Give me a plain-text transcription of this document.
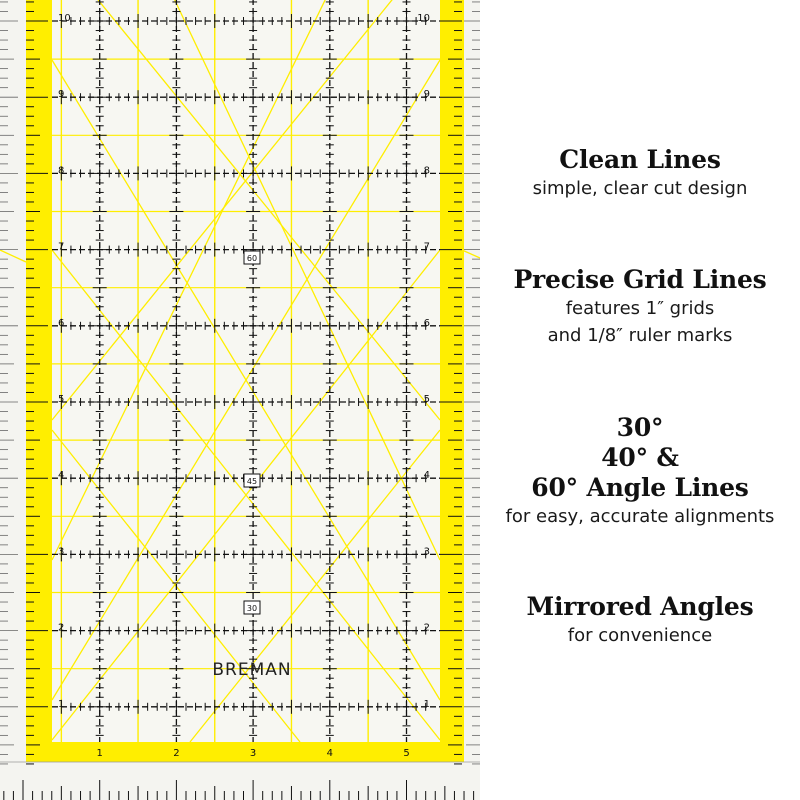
1	1
2	2
3	3
4	4
5	5
6	6
7	7
8	8
9	9
10	10
1	2	3	4	5
60
45
30
BREMAN
Clean Lines
simple, clear cut design
Precise Grid Lines
features 1″ grids
and 1/8″ ruler marks
30°
40° &
60° Angle Lines
for easy, accurate alignments
Mirrored Angles
for convenience
